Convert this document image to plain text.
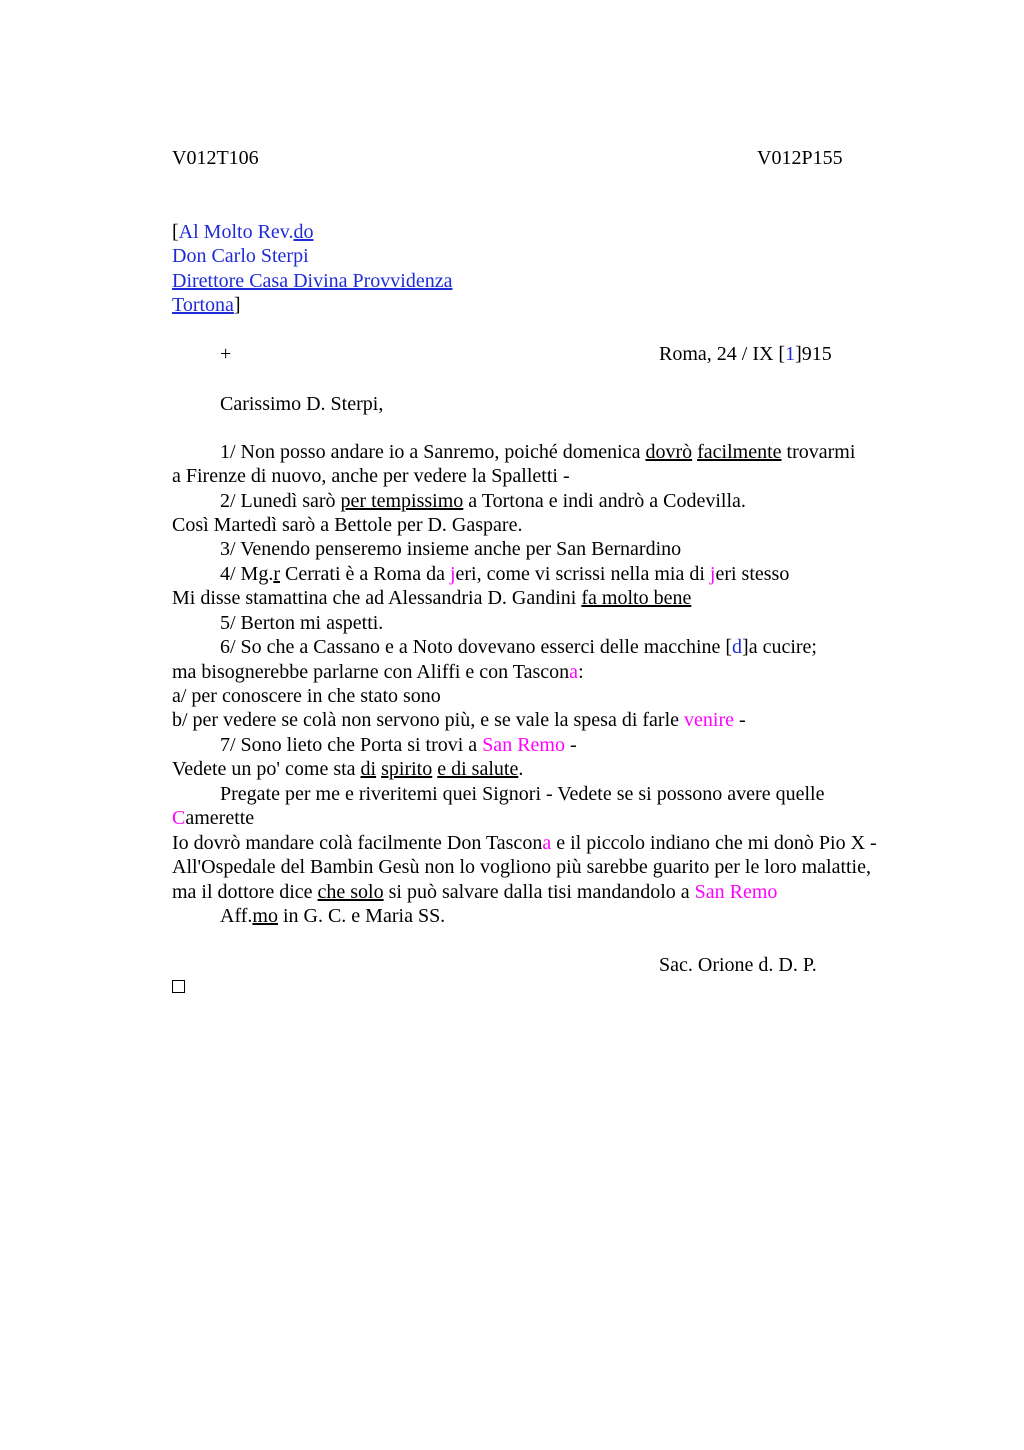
V012T106	V012P155
[Al Molto Rev.do
Don Carlo Sterpi
Direttore Casa Divina Provvidenza
Tortona]
+	Roma, 24 / IX [1]915
Carissimo D. Sterpi,
1/ Non posso andare io a Sanremo, poiché domenica dovrò facilmente trovarmi
a Firenze di nuovo, anche per vedere la Spalletti -
2/ Lunedì sarò per tempissimo a Tortona e indi andrò a Codevilla.
Così Martedì sarò a Bettole per D. Gaspare.
3/ Venendo penseremo insieme anche per San Bernardino
4/ Mg.r Cerrati è a Roma da jeri, come vi scrissi nella mia di jeri stesso
Mi disse stamattina che ad Alessandria D. Gandini fa molto bene
5/ Berton mi aspetti.
6/ So che a Cassano e a Noto dovevano esserci delle macchine [d]a cucire;
ma bisognerebbe parlarne con Aliffi e con Tascona:
a/ per conoscere in che stato sono
b/ per vedere se colà non servono più, e se vale la spesa di farle venire -
7/ Sono lieto che Porta si trovi a San Remo -
Vedete un po' come sta di spirito e di salute.
Pregate per me e riveritemi quei Signori - Vedete se si possono avere quelle
Camerette
Io dovrò mandare colà facilmente Don Tascona e il piccolo indiano che mi donò Pio X -
All'Ospedale del Bambin Gesù non lo vogliono più sarebbe guarito per le loro malattie,
ma il dottore dice che solo si può salvare dalla tisi mandandolo a San Remo
Aff.mo in G. C. e Maria SS.
Sac. Orione d. D. P.
